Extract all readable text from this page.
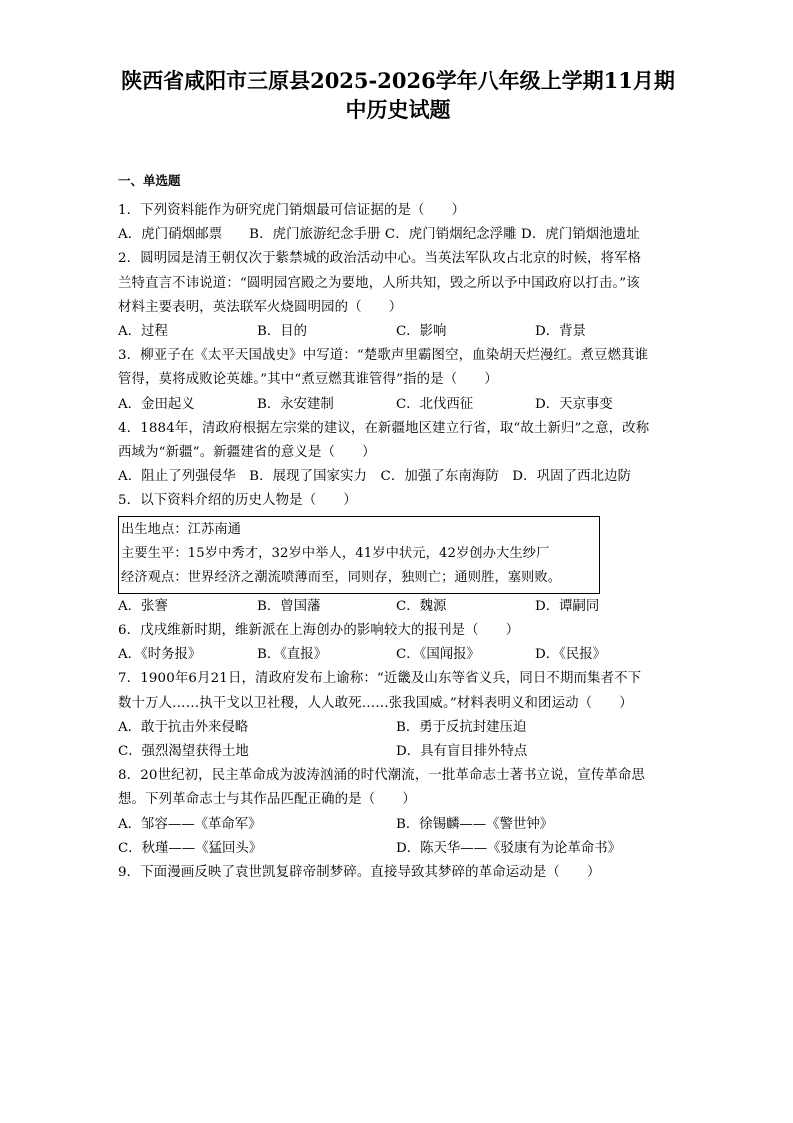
陕西省咸阳市三原县2025-2026学年八年级上学期11月期
中历史试题
一、单选题
1．下列资料能作为研究虎门销烟最可信证据的是（　　）
A．虎门硝烟邮票　　B．虎门旅游纪念手册 C．虎门销烟纪念浮雕 D．虎门销烟池遗址
2．圆明园是清王朝仅次于紫禁城的政治活动中心。当英法军队攻占北京的时候，将军格
兰特直言不讳说道：“圆明园宫殿之为要地，人所共知，毁之所以予中国政府以打击。”该
材料主要表明，英法联军火烧圆明园的（　　）
A．过程	B．目的	C．影响	D．背景
3．柳亚子在《太平天国战史》中写道：“楚歌声里霸图空，血染胡天烂漫红。煮豆燃萁谁
管得，莫将成败论英雄。”其中“煮豆燃萁谁管得”指的是（　　）
A．金田起义	B．永安建制	C．北伐西征	D．天京事变
4．1884年，清政府根据左宗棠的建议，在新疆地区建立行省，取“故土新归”之意，改称
西域为“新疆”。新疆建省的意义是（　　）
A．阻止了列强侵华　B．展现了国家实力　C．加强了东南海防　D．巩固了西北边防
5．以下资料介绍的历史人物是（　　）
出生地点：江苏南通
主要生平：15岁中秀才，32岁中举人，41岁中状元，42岁创办大生纱厂
经济观点：世界经济之潮流喷薄而至，同则存，独则亡；通则胜，塞则败。
A．张謇	B．曾国藩	C．魏源	D．谭嗣同
6．戊戌维新时期，维新派在上海创办的影响较大的报刊是（　　）
A．《时务报》	B．《直报》	C．《国闻报》	D．《民报》
7．1900年6月21日，清政府发布上谕称：“近畿及山东等省义兵，同日不期而集者不下
数十万人……执干戈以卫社稷，人人敢死……张我国威。”材料表明义和团运动（　　）
A．敢于抗击外来侵略	B．勇于反抗封建压迫
C．强烈渴望获得土地	D．具有盲目排外特点
8．20世纪初，民主革命成为波涛汹涌的时代潮流，一批革命志士著书立说，宣传革命思
想。下列革命志士与其作品匹配正确的是（　　）
A．邹容——《革命军》	B．徐锡麟——《警世钟》
C．秋瑾——《猛回头》	D．陈天华——《驳康有为论革命书》
9．下面漫画反映了袁世凯复辟帝制梦碎。直接导致其梦碎的革命运动是（　　）
